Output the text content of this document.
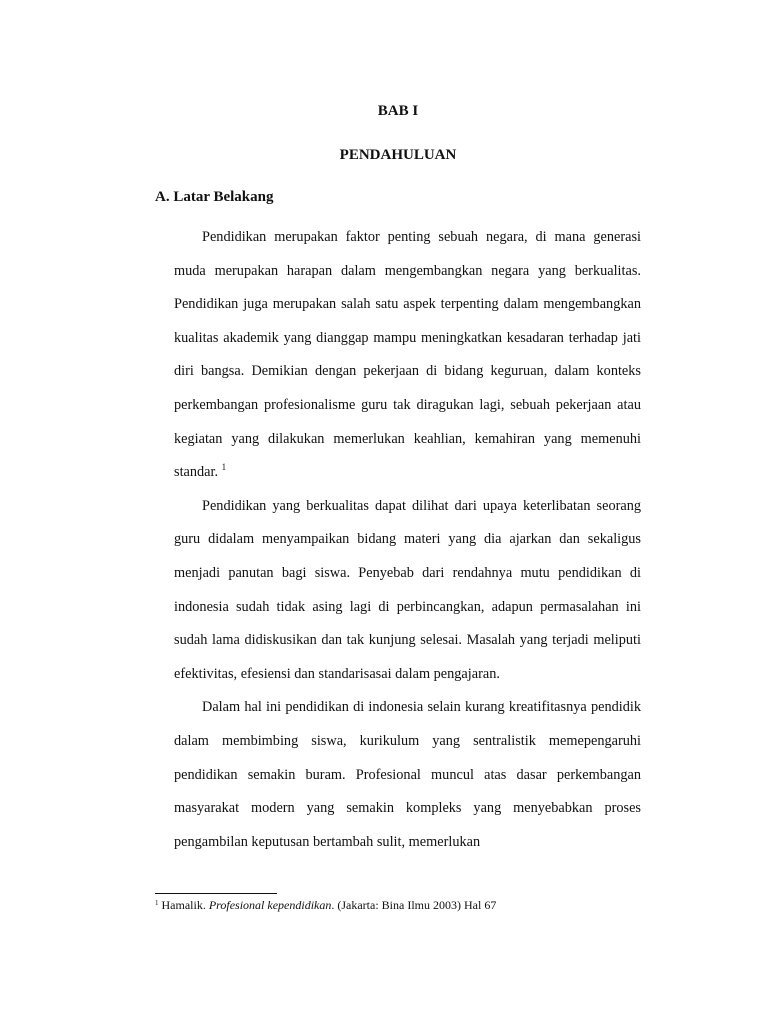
BAB I
PENDAHULUAN
A. Latar Belakang

Pendidikan merupakan faktor penting sebuah negara, di mana generasi muda merupakan harapan dalam mengembangkan negara yang berkualitas. Pendidikan juga merupakan salah satu aspek terpenting dalam mengembangkan kualitas akademik yang dianggap mampu meningkatkan kesadaran terhadap jati diri bangsa. Demikian dengan pekerjaan di bidang keguruan, dalam konteks perkembangan profesionalisme guru tak diragukan lagi, sebuah pekerjaan atau kegiatan yang dilakukan memerlukan keahlian, kemahiran yang memenuhi standar. $^1$

Pendidikan yang berkualitas dapat dilihat dari upaya keterlibatan seorang guru didalam menyampaikan bidang materi yang dia ajarkan dan sekaligus menjadi panutan bagi siswa. Penyebab dari rendahnya mutu pendidikan di indonesia sudah tidak asing lagi di perbincangkan, adapun permasalahan ini sudah lama didiskusikan dan tak kunjung selesai. Masalah yang terjadi meliputi efektivitas, efesiensi dan standarisasai dalam pengajaran.

Dalam hal ini pendidikan di indonesia selain kurang kreatifitasnya pendidik dalam membimbing siswa, kurikulum yang sentralistik memepengaruhi pendidikan semakin buram. Profesional muncul atas dasar perkembangan masyarakat modern yang semakin kompleks yang menyebabkan proses pengambilan keputusan bertambah sulit, memerlukan

$^1$ Hamalik. Profesional kependidikan. (Jakarta: Bina Ilmu 2003) Hal 67
